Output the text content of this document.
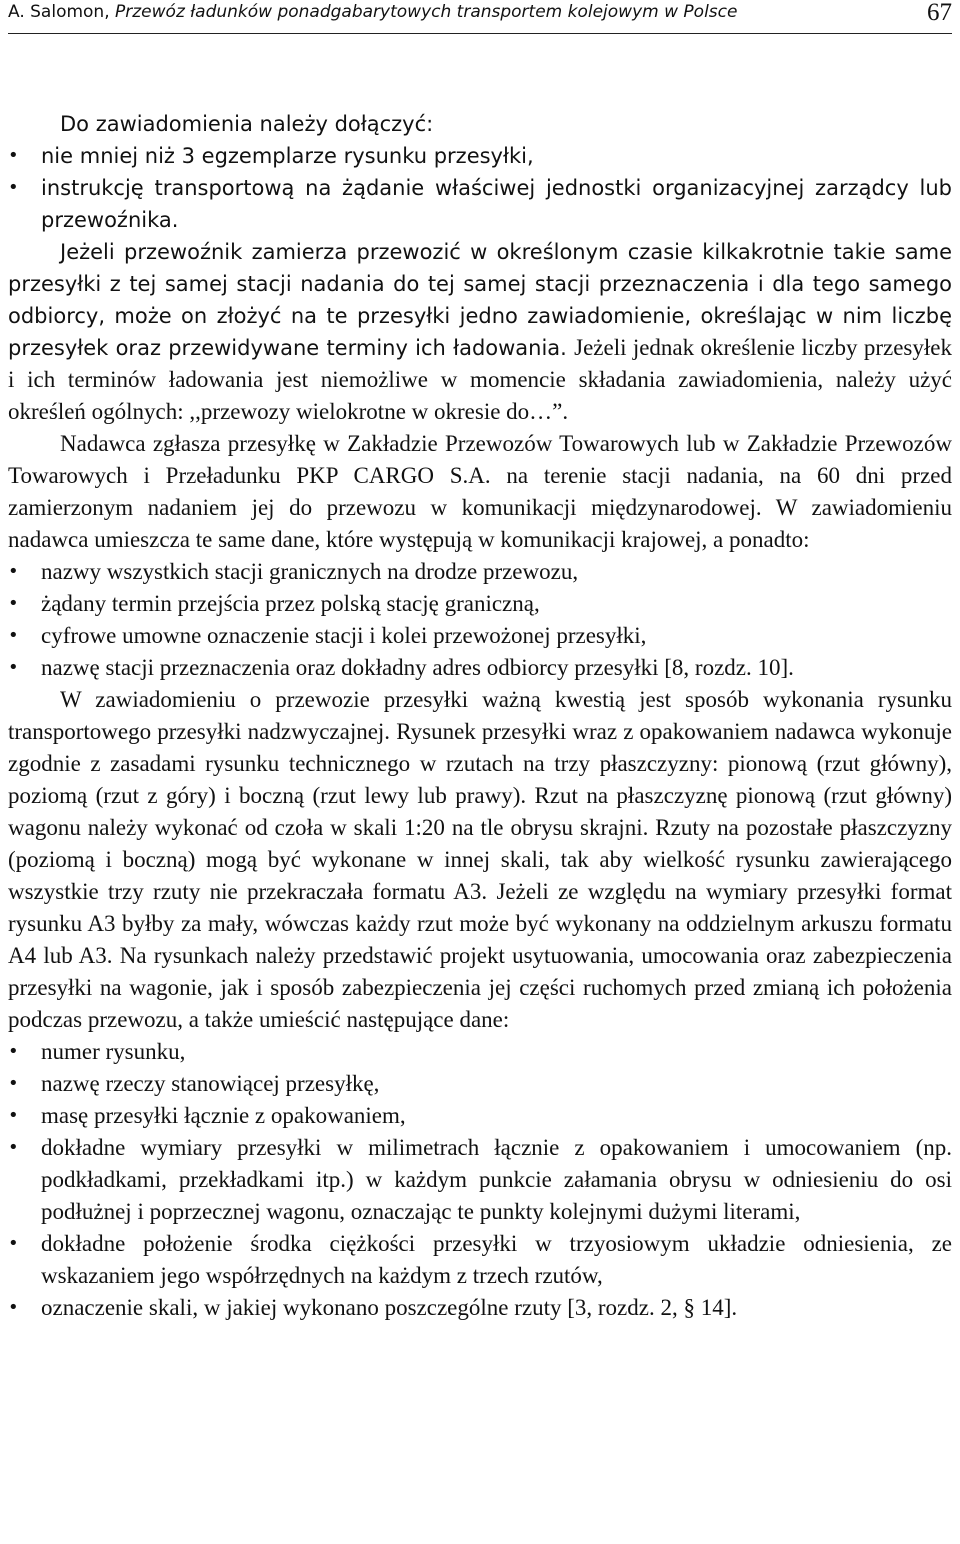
A. Salomon, Przewóz ładunków ponadgabarytowych transportem kolejowym w Polsce	67

Do zawiadomienia należy dołączyć:

•	nie mniej niż 3 egzemplarze rysunku przesyłki,
•	instrukcję transportową na żądanie właściwej jednostki organizacyjnej zarządcy lub przewoźnika.

Jeżeli przewoźnik zamierza przewozić w określonym czasie kilkakrotnie takie same przesyłki z tej samej stacji nadania do tej samej stacji przeznaczenia i dla tego samego odbiorcy, może on złożyć na te przesyłki jedno zawiadomienie, określając w nim liczbę przesyłek oraz przewidywane terminy ich ładowania. Jeżeli jednak określenie liczby przesyłek i ich terminów ładowania jest niemożliwe w momencie składania zawiadomienia, należy użyć określeń ogólnych: ,,przewozy wielokrotne w okresie do…”.

Nadawca zgłasza przesyłkę w Zakładzie Przewozów Towarowych lub w Zakładzie Przewozów Towarowych i Przeładunku PKP CARGO S.A. na terenie stacji nadania, na 60 dni przed zamierzonym nadaniem jej do przewozu w komunikacji międzynarodowej. W zawiadomieniu nadawca umieszcza te same dane, które występują w komunikacji krajowej, a ponadto:

• nazwy wszystkich stacji granicznych na drodze przewozu,
• żądany termin przejścia przez polską stację graniczną,
• cyfrowe umowne oznaczenie stacji i kolei przewożonej przesyłki,
• nazwę stacji przeznaczenia oraz dokładny adres odbiorcy przesyłki [8, rozdz. 10].

W zawiadomieniu o przewozie przesyłki ważną kwestią jest sposób wykonania rysunku transportowego przesyłki nadzwyczajnej. Rysunek przesyłki wraz z opakowaniem nadawca wykonuje zgodnie z zasadami rysunku technicznego w rzutach na trzy płaszczyzny: pionową (rzut główny), poziomą (rzut z góry) i boczną (rzut lewy lub prawy). Rzut na płaszczyznę pionową (rzut główny) wagonu należy wykonać od czoła w skali 1:20 na tle obrysu skrajni. Rzuty na pozostałe płaszczyzny (poziomą i boczną) mogą być wykonane w innej skali, tak aby wielkość rysunku zawierającego wszystkie trzy rzuty nie przekraczała formatu A3. Jeżeli ze względu na wymiary przesyłki format rysunku A3 byłby za mały, wówczas każdy rzut może być wykonany na oddzielnym arkuszu formatu A4 lub A3. Na rysunkach należy przedstawić projekt usytuowania, umocowania oraz zabezpieczenia przesyłki na wagonie, jak i sposób zabezpieczenia jej części ruchomych przed zmianą ich położenia podczas przewozu, a także umieścić następujące dane:

• numer rysunku,
• nazwę rzeczy stanowiącej przesyłkę,
• masę przesyłki łącznie z opakowaniem,
• dokładne wymiary przesyłki w milimetrach łącznie z opakowaniem i umocowaniem (np. podkładkami, przekładkami itp.) w każdym punkcie załamania obrysu w odniesieniu do osi podłużnej i poprzecznej wagonu, oznaczając te punkty kolejnymi dużymi literami,
• dokładne położenie środka ciężkości przesyłki w trzyosiowym układzie odniesienia, ze wskazaniem jego współrzędnych na każdym z trzech rzutów,
• oznaczenie skali, w jakiej wykonano poszczególne rzuty [3, rozdz. 2, § 14].
